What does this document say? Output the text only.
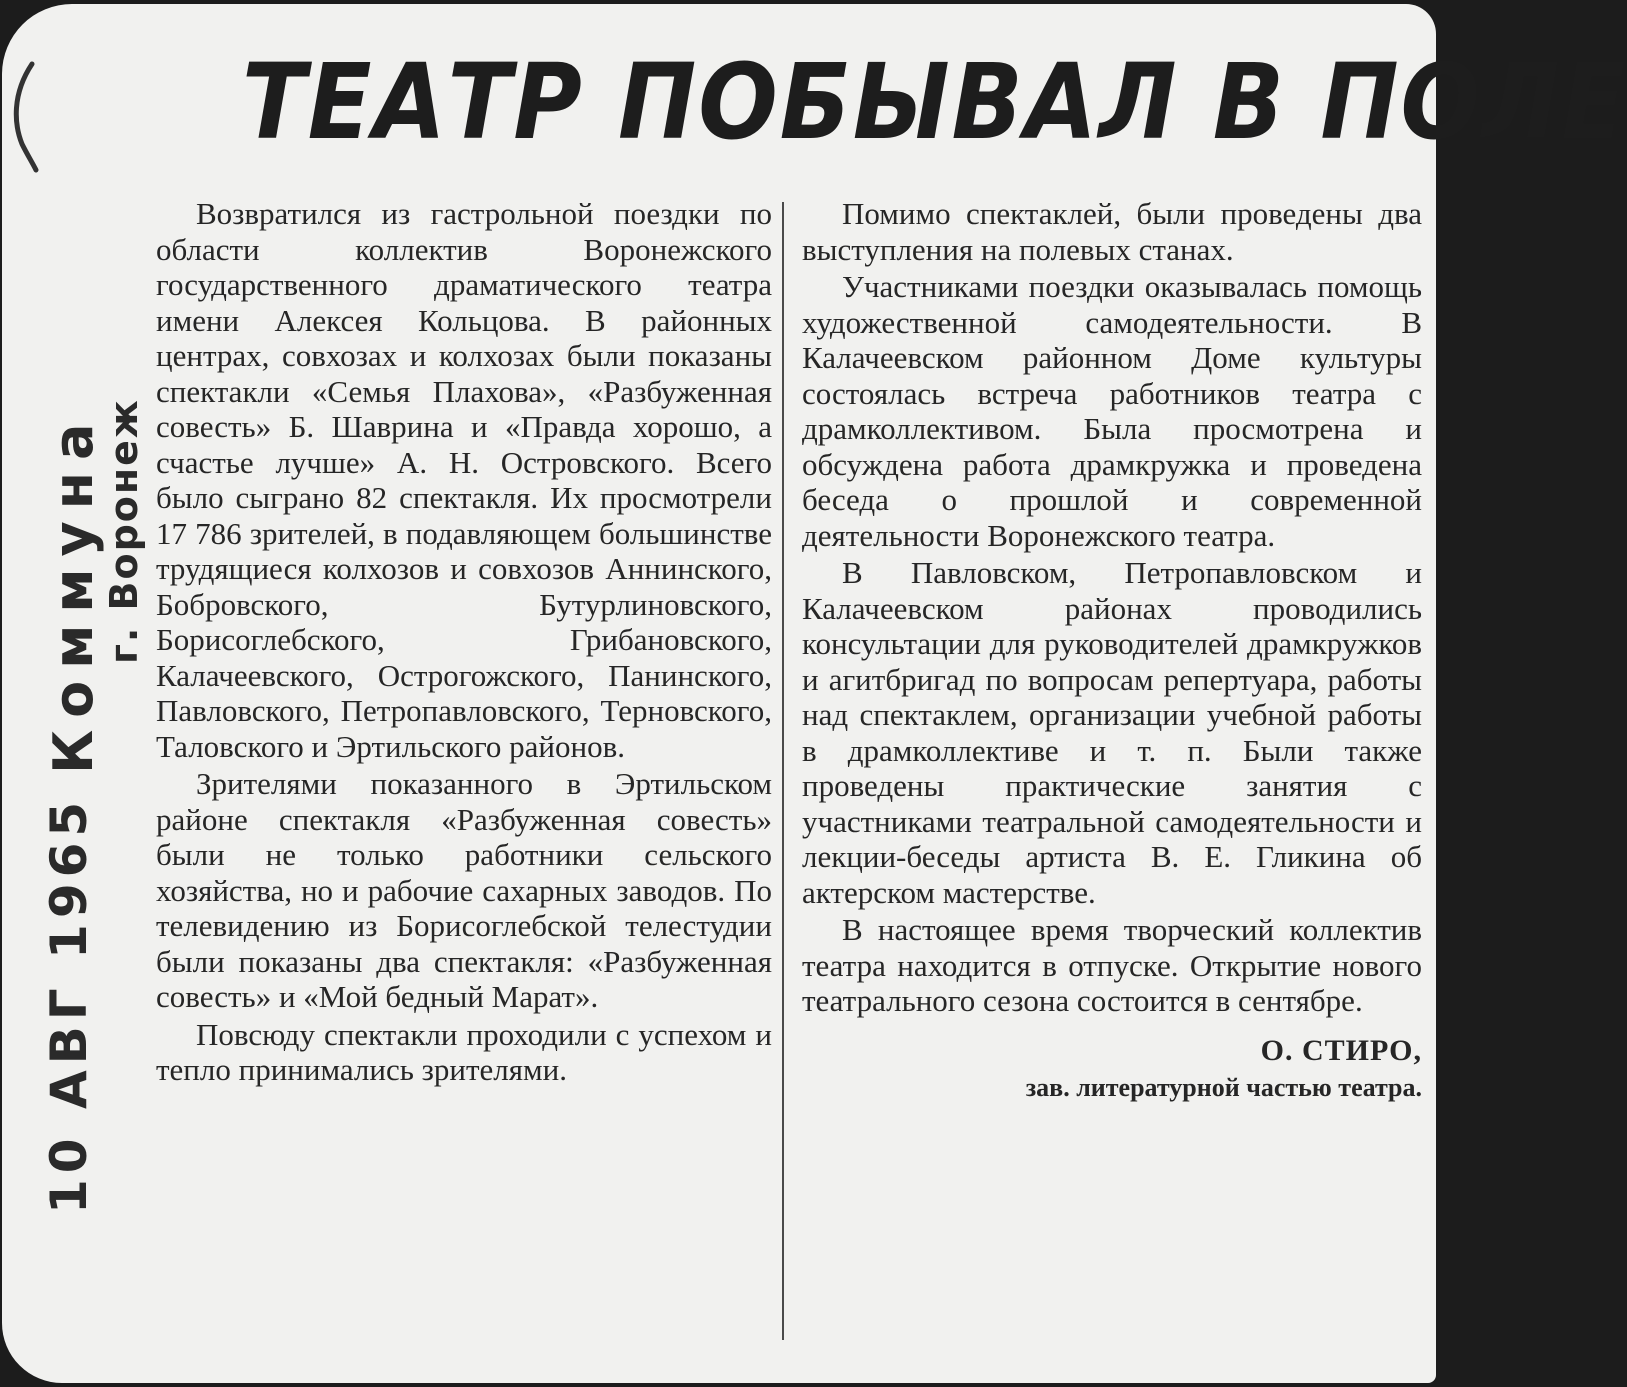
ТЕАТР ПОБЫВАЛ В ПОЛЕ
Коммуна
г. Воронеж
10 АВГ 1965

Возвратился из гастрольной поездки по области коллектив Воронежского государственного драматического театра имени Алексея Кольцова. В районных центрах, совхозах и колхозах были показаны спектакли «Семья Плахова», «Разбуженная совесть» Б. Шаврина и «Правда хорошо, а счастье лучше» А. Н. Островского. Всего было сыграно 82 спектакля. Их просмотрели 17 786 зрителей, в подавляющем большинстве трудящиеся колхозов и совхозов Аннинского, Бобровского, Бутурлиновского, Борисоглебского, Грибановского, Калачеевского, Острогожского, Панинского, Павловского, Петропавловского, Терновского, Таловского и Эртильского районов.

Зрителями показанного в Эртильском районе спектакля «Разбуженная совесть» были не только работники сельского хозяйства, но и рабочие сахарных заводов. По телевидению из Борисоглебской телестудии были показаны два спектакля: «Разбуженная совесть» и «Мой бедный Марат».

Повсюду спектакли проходили с успехом и тепло принимались зрителями.

Помимо спектаклей, были проведены два выступления на полевых станах.

Участниками поездки оказывалась помощь художественной самодеятельности. В Калачеевском районном Доме культуры состоялась встреча работников театра с драмколлективом. Была просмотрена и обсуждена работа драмкружка и проведена беседа о прошлой и современной деятельности Воронежского театра.

В Павловском, Петропавловском и Калачеевском районах проводились консультации для руководителей драмкружков и агитбригад по вопросам репертуара, работы над спектаклем, организации учебной работы в драмколлективе и т. п. Были также проведены практические занятия с участниками театральной самодеятельности и лекции-беседы артиста В. Е. Гликина об актерском мастерстве.

В настоящее время творческий коллектив театра находится в отпуске. Открытие нового театрального сезона состоится в сентябре.

О. СТИРО,
зав. литературной частью театра.
